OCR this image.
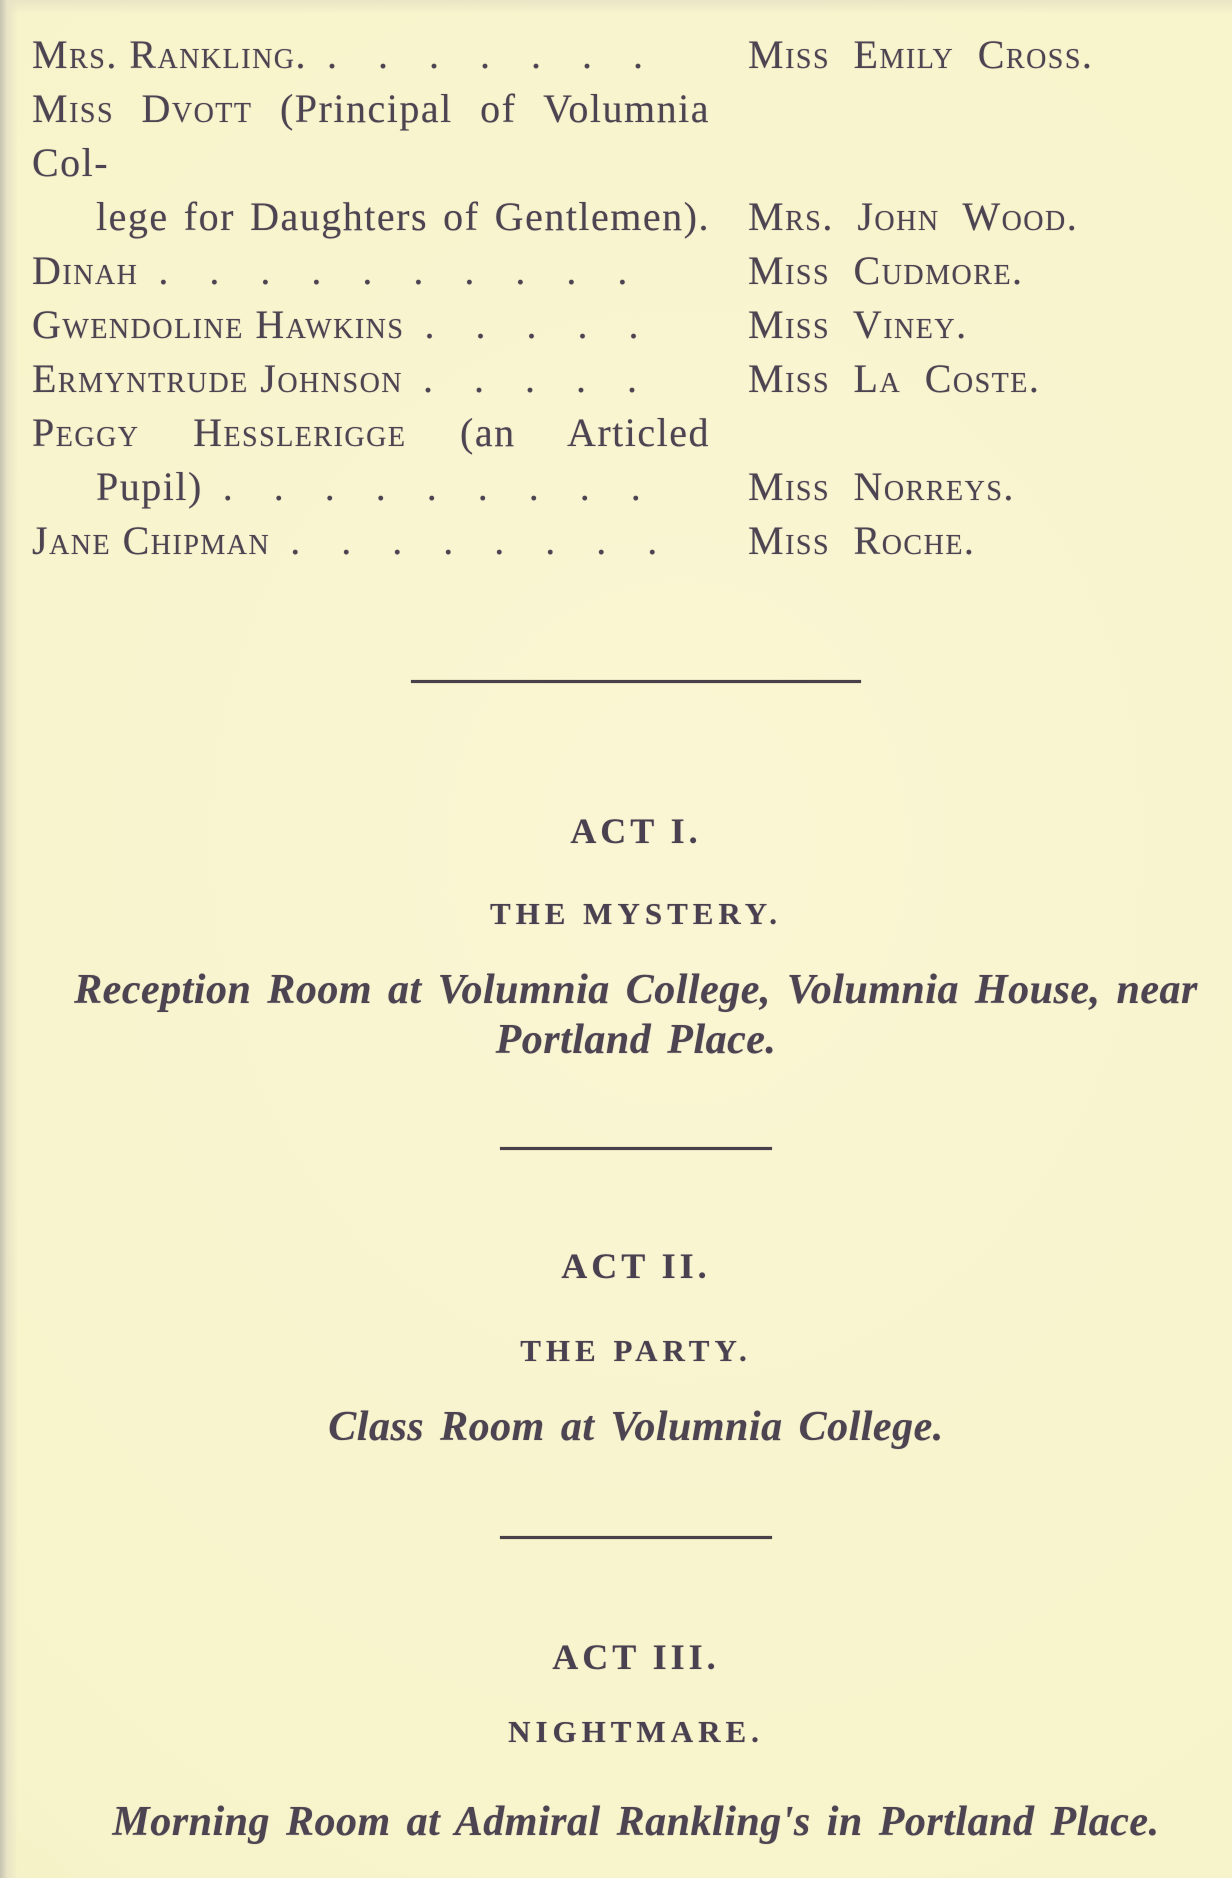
Mrs. Rankling. .......	Miss Emily Cross.
Miss Dvott (Principal of Volumnia Col-
lege for Daughters of Gentlemen). Mrs. John Wood.
Dinah ..........	Miss Cudmore.
Gwendoline Hawkins .....	Miss Viney.
Ermyntrude Johnson .....	Miss La Coste.
Peggy Hesslerigge (an Articled
Pupil) .........	Miss Norreys.
Jane Chipman ........ Miss Roche.
ACT I.
THE MYSTERY.
Reception Room at Volumnia College, Volumnia House, near
Portland Place.
ACT II.
THE PARTY.
Class Room at Volumnia College.
ACT III.
NIGHTMARE.
Morning Room at Admiral Rankling's in Portland Place.
